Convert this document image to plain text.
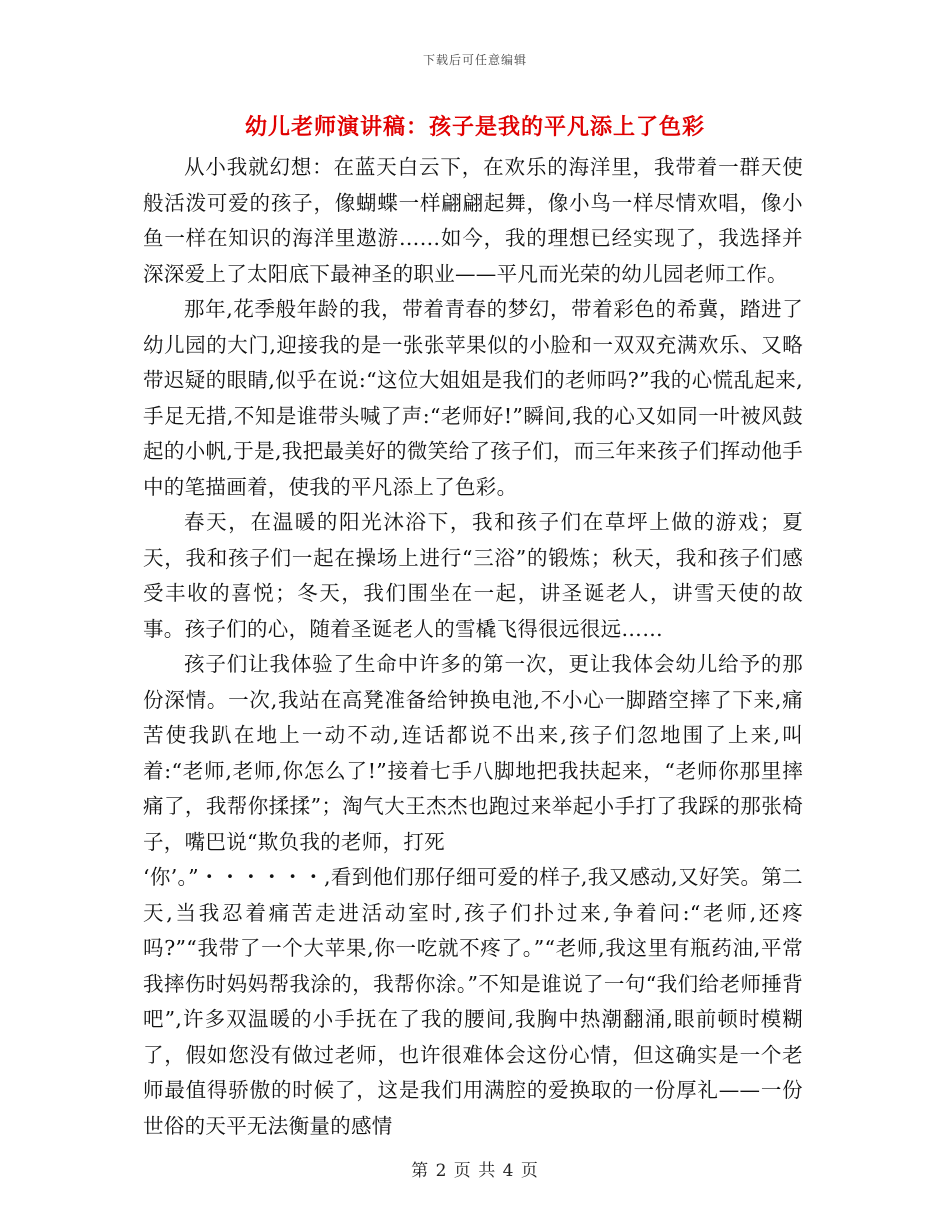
下载后可任意编辑
幼儿老师演讲稿：孩子是我的平凡添上了色彩

从小我就幻想：在蓝天白云下，在欢乐的海洋里，我带着一群天使般活泼可爱的孩子，像蝴蝶一样翩翩起舞，像小鸟一样尽情欢唱，像小鱼一样在知识的海洋里遨游……如今，我的理想已经实现了，我选择并深深爱上了太阳底下最神圣的职业——平凡而光荣的幼儿园老师工作。

那年,花季般年龄的我，带着青春的梦幻，带着彩色的希冀，踏进了幼儿园的大门,迎接我的是一张张苹果似的小脸和一双双充满欢乐、又略带迟疑的眼睛,似乎在说:“这位大姐姐是我们的老师吗?”我的心慌乱起来,手足无措,不知是谁带头喊了声:“老师好!”瞬间,我的心又如同一叶被风鼓起的小帆,于是,我把最美好的微笑给了孩子们，而三年来孩子们挥动他手中的笔描画着，使我的平凡添上了色彩。

春天，在温暖的阳光沐浴下，我和孩子们在草坪上做的游戏；夏天，我和孩子们一起在操场上进行“三浴”的锻炼；秋天，我和孩子们感受丰收的喜悦；冬天，我们围坐在一起，讲圣诞老人，讲雪天使的故事。孩子们的心，随着圣诞老人的雪橇飞得很远很远……

孩子们让我体验了生命中许多的第一次，更让我体会幼儿给予的那份深情。一次,我站在高凳准备给钟换电池,不小心一脚踏空摔了下来,痛苦使我趴在地上一动不动,连话都说不出来,孩子们忽地围了上来,叫着:“老师,老师,你怎么了!”接着七手八脚地把我扶起来，“老师你那里摔痛了，我帮你揉揉”；淘气大王杰杰也跑过来举起小手打了我踩的那张椅子，嘴巴说“欺负我的老师，打死

‘你’。”・・・・・・,看到他们那仔细可爱的样子,我又感动,又好笑。第二天,当我忍着痛苦走进活动室时,孩子们扑过来,争着问:“老师,还疼吗?”“我带了一个大苹果,你一吃就不疼了。”“老师,我这里有瓶药油,平常我摔伤时妈妈帮我涂的，我帮你涂。”不知是谁说了一句“我们给老师捶背吧”,许多双温暖的小手抚在了我的腰间,我胸中热潮翻涌,眼前顿时模糊了，假如您没有做过老师，也许很难体会这份心情，但这确实是一个老师最值得骄傲的时候了，这是我们用满腔的爱换取的一份厚礼——一份世俗的天平无法衡量的感情

第 2 页 共 4 页
